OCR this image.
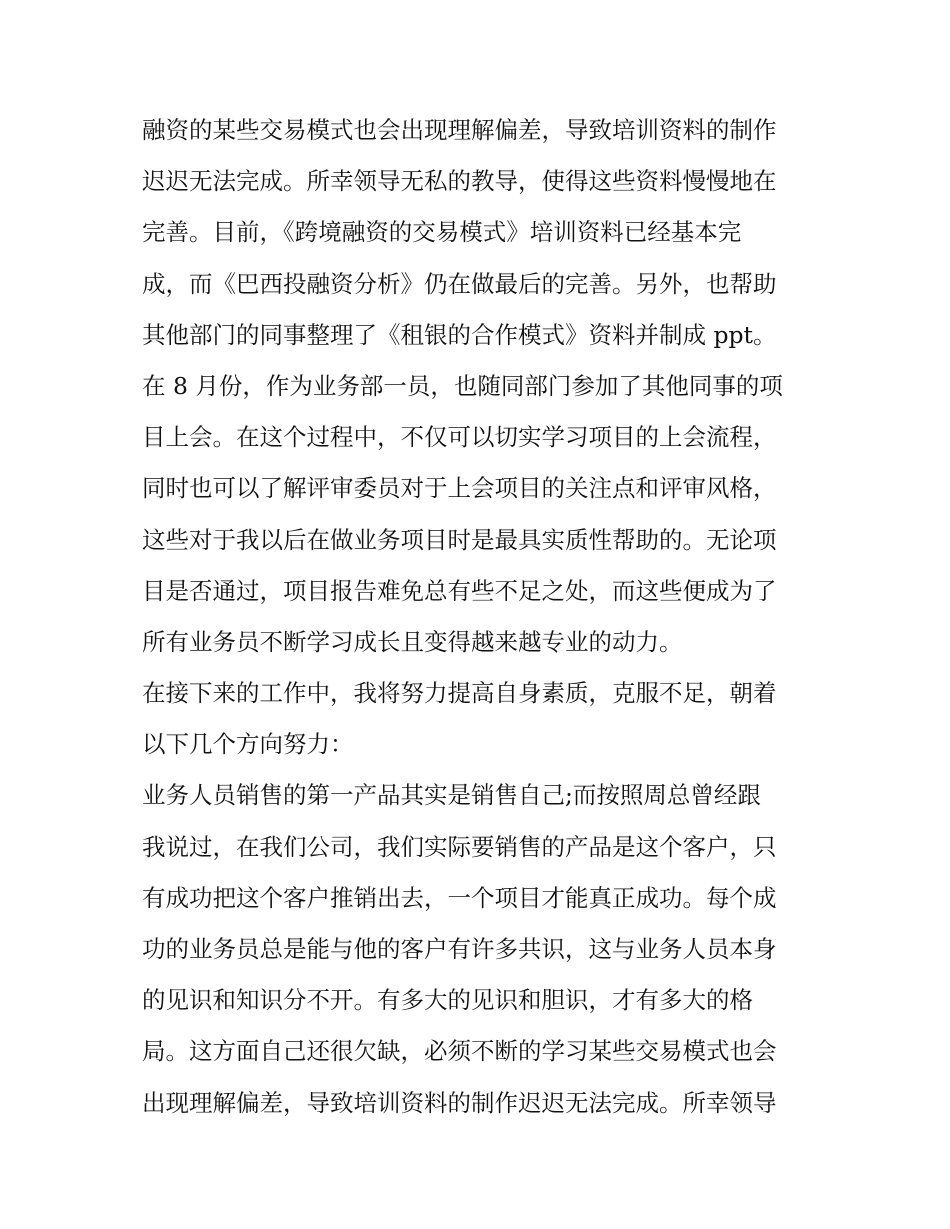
融资的某些交易模式也会出现理解偏差，导致培训资料的制作
迟迟无法完成。所幸领导无私的教导，使得这些资料慢慢地在
完善。目前，《跨境融资的交易模式》培训资料已经基本完
成，而《巴西投融资分析》仍在做最后的完善。另外，也帮助
其他部门的同事整理了《租银的合作模式》资料并制成 ppt。
在 8 月份，作为业务部一员，也随同部门参加了其他同事的项
目上会。在这个过程中，不仅可以切实学习项目的上会流程，
同时也可以了解评审委员对于上会项目的关注点和评审风格，
这些对于我以后在做业务项目时是最具实质性帮助的。无论项
目是否通过，项目报告难免总有些不足之处，而这些便成为了
所有业务员不断学习成长且变得越来越专业的动力。
在接下来的工作中，我将努力提高自身素质，克服不足，朝着
以下几个方向努力：
业务人员销售的第一产品其实是销售自己;而按照周总曾经跟
我说过，在我们公司，我们实际要销售的产品是这个客户，只
有成功把这个客户推销出去，一个项目才能真正成功。每个成
功的业务员总是能与他的客户有许多共识，这与业务人员本身
的见识和知识分不开。有多大的见识和胆识，才有多大的格
局。这方面自己还很欠缺，必须不断的学习某些交易模式也会
出现理解偏差，导致培训资料的制作迟迟无法完成。所幸领导
